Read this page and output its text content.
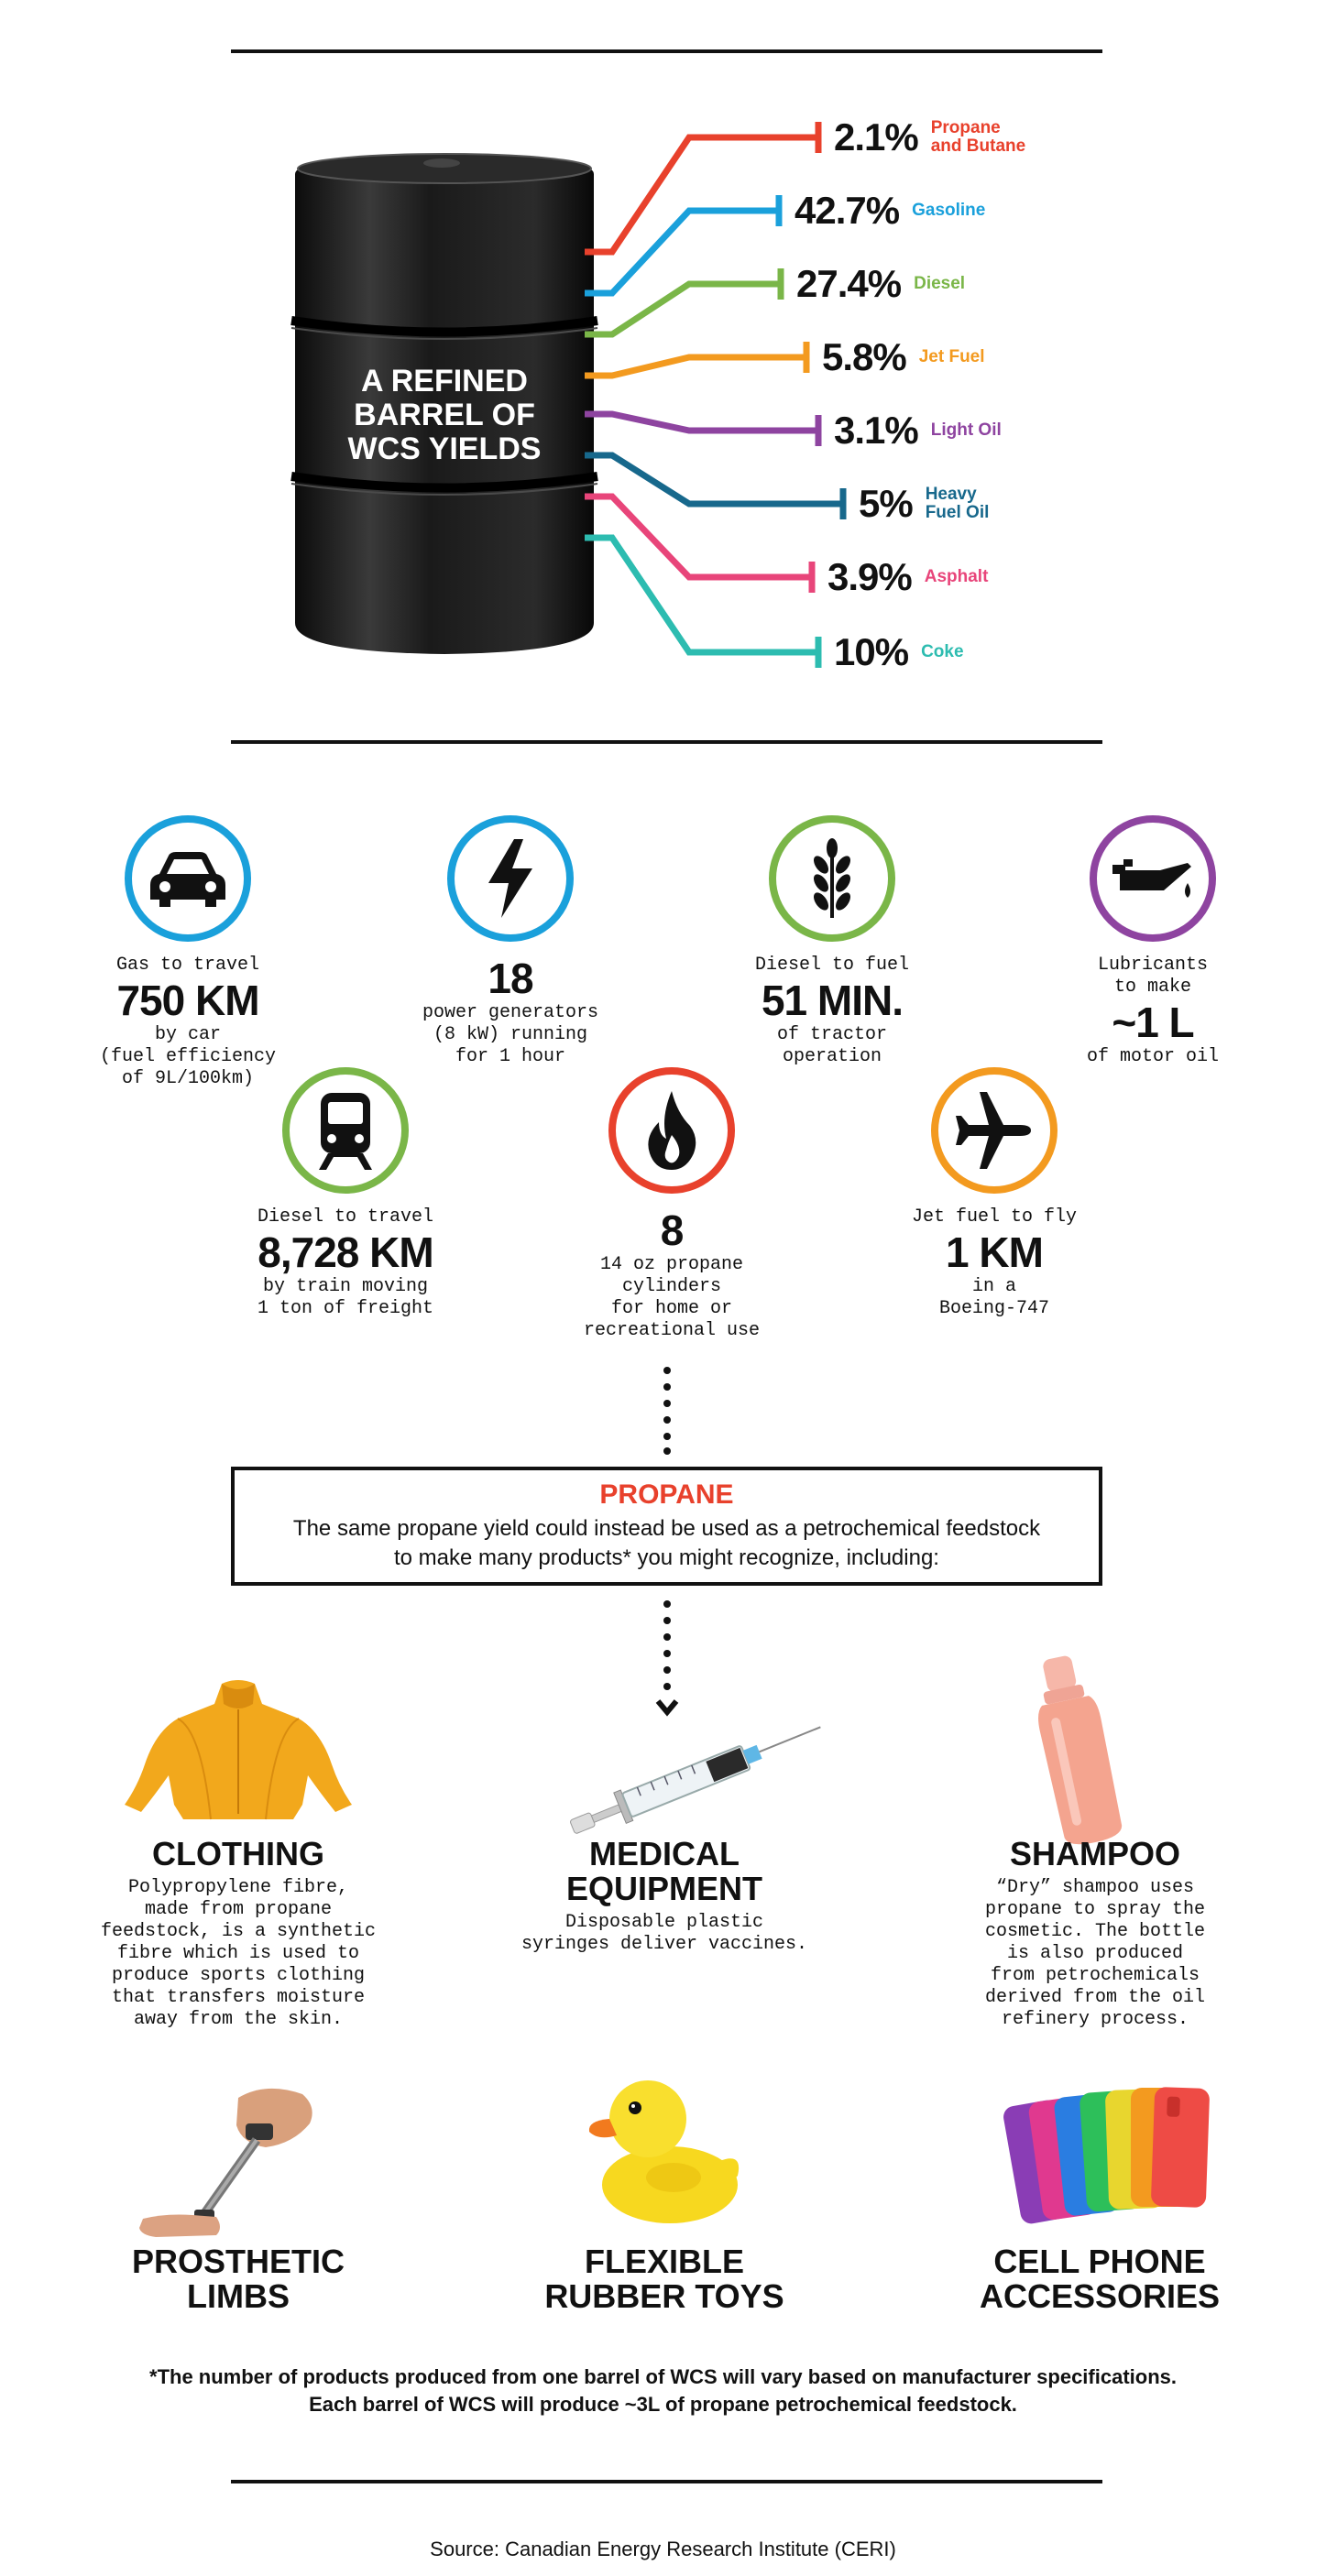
A REFINED
BARREL OF
WCS YIELDS
2.1% Propane
and Butane
42.7% Gasoline
27.4% Diesel
5.8% Jet Fuel
3.1% Light Oil
5% Heavy
Fuel Oil
3.9% Asphalt
10% Coke
Gas to travel
750 KM
by car
(fuel efficiency
of 9L/100km)
18
power generators
(8 kW) running
for 1 hour
Diesel to fuel
51 MIN.
of tractor
operation
Lubricants
to make
~1 L
of motor oil
Diesel to travel
8,728 KM
by train moving
1 ton of freight
8
14 oz propane
cylinders
for home or
recreational use
Jet fuel to fly
1 KM
in a
Boeing-747
PROPANE
The same propane yield could instead be used as a petrochemical feedstock
to make many products* you might recognize, including:
CLOTHING
Polypropylene fibre,
made from propane
feedstock, is a synthetic
fibre which is used to
produce sports clothing
that transfers moisture
away from the skin.
MEDICAL
EQUIPMENT
Disposable plastic
syringes deliver vaccines.
SHAMPOO
“Dry” shampoo uses
propane to spray the
cosmetic. The bottle
is also produced
from petrochemicals
derived from the oil
refinery process.
PROSTHETIC
LIMBS
FLEXIBLE
RUBBER TOYS
CELL PHONE
ACCESSORIES
*The number of products produced from one barrel of WCS will vary based on manufacturer specifications.
Each barrel of WCS will produce ~3L of propane petrochemical feedstock.
Source: Canadian Energy Research Institute (CERI)
